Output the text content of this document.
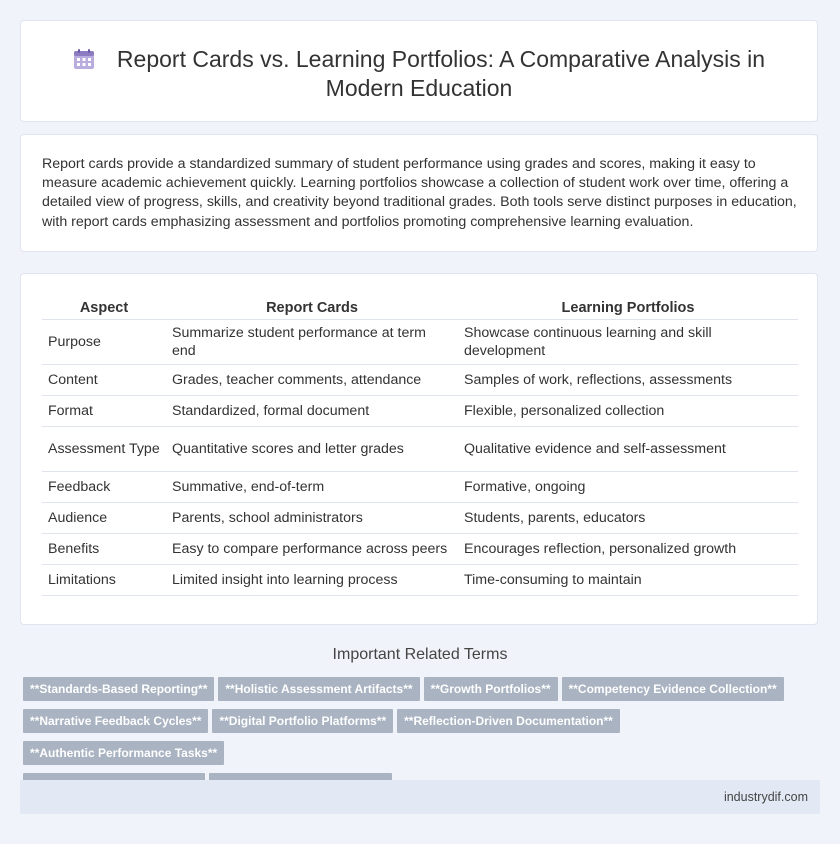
Report Cards vs. Learning Portfolios: A Comparative Analysis in Modern Education

Report cards provide a standardized summary of student performance using grades and scores, making it easy to measure academic achievement quickly. Learning portfolios showcase a collection of student work over time, offering a detailed view of progress, skills, and creativity beyond traditional grades. Both tools serve distinct purposes in education, with report cards emphasizing assessment and portfolios promoting comprehensive learning evaluation.

Aspect	Report Cards	Learning Portfolios
Purpose	Summarize student performance at term end	Showcase continuous learning and skill development
Content	Grades, teacher comments, attendance	Samples of work, reflections, assessments
Format	Standardized, formal document	Flexible, personalized collection
Assessment Type	Quantitative scores and letter grades	Qualitative evidence and self-assessment
Feedback	Summative, end-of-term	Formative, ongoing
Audience	Parents, school administrators	Students, parents, educators
Benefits	Easy to compare performance across peers	Encourages reflection, personalized growth
Limitations	Limited insight into learning process	Time-consuming to maintain
Important Related Terms
**Standards-Based Reporting** **Holistic Assessment Artifacts** **Growth Portfolios** **Competency Evidence Collection**
**Narrative Feedback Cycles** **Digital Portfolio Platforms** **Reflection-Driven Documentation****Authentic Performance Tasks**

industrydif.com
